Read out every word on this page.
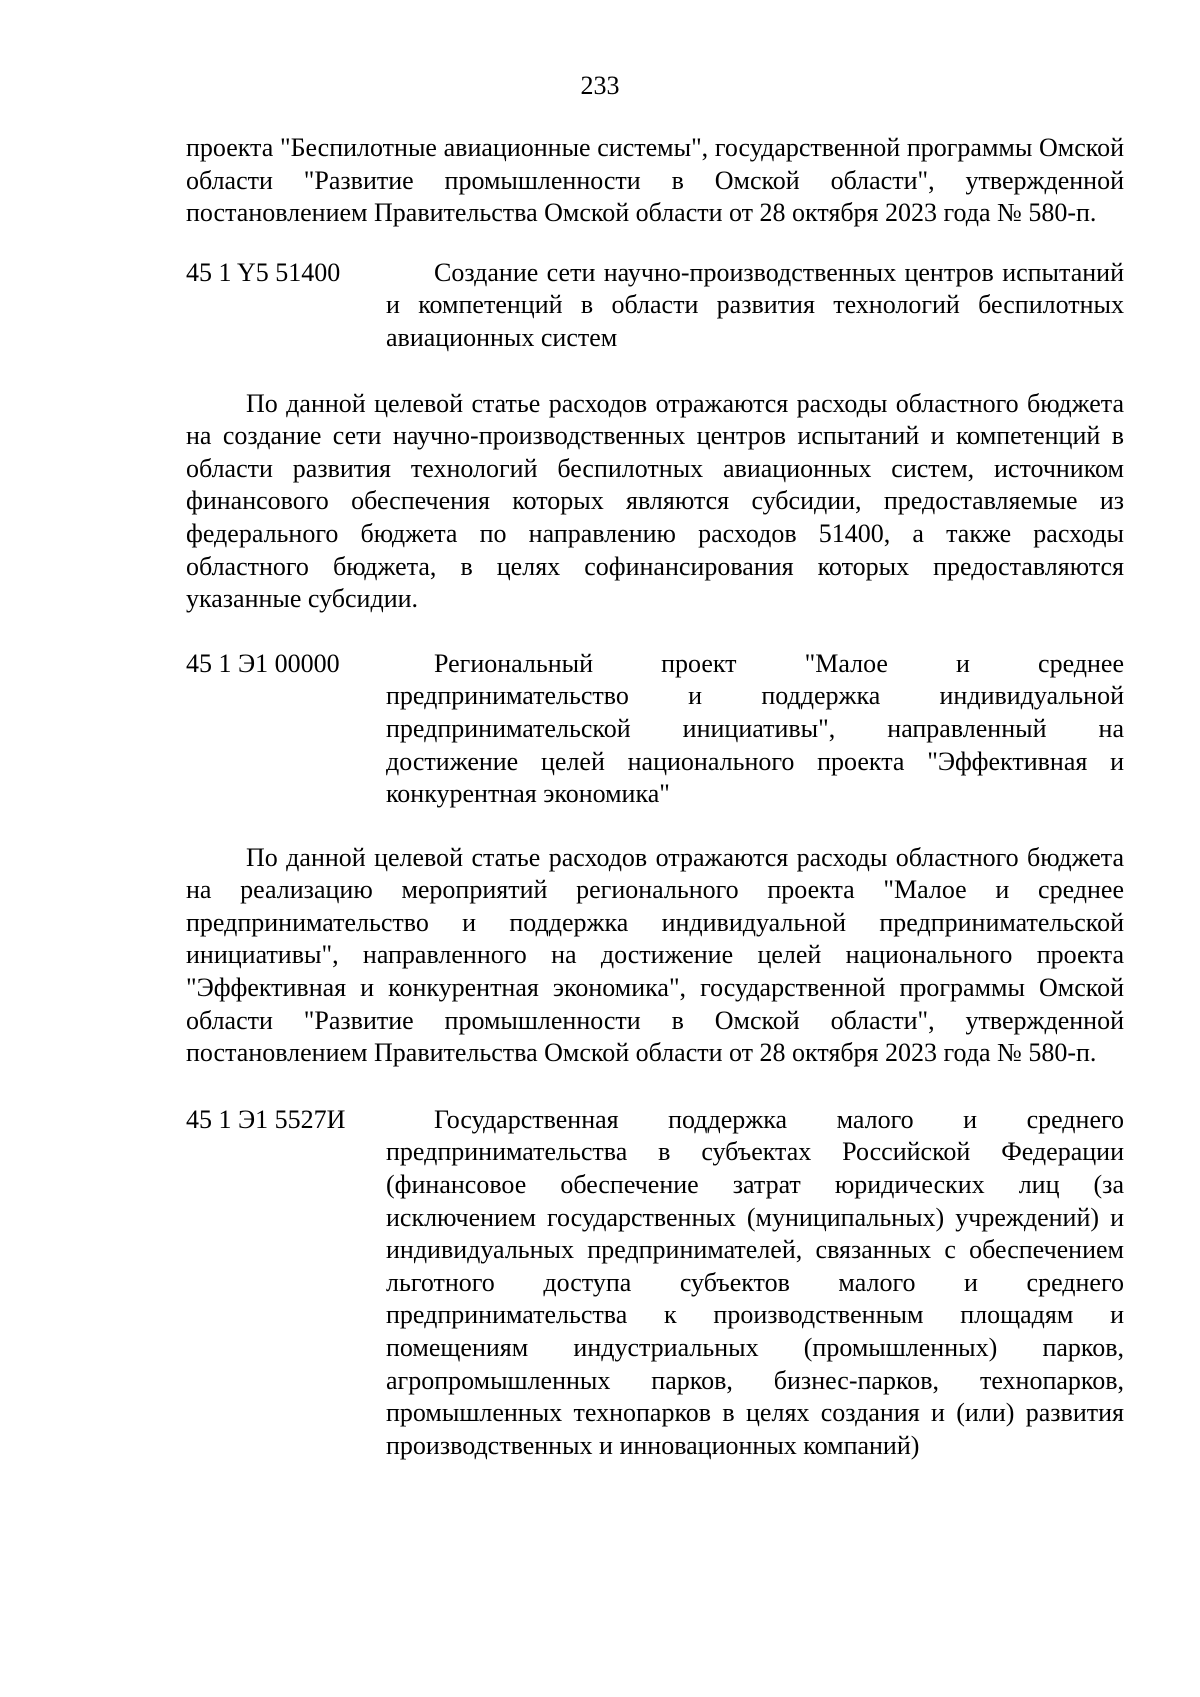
233

проекта "Беспилотные авиационные системы", государственной программы Омской области "Развитие промышленности в Омской области", утвержденной постановлением Правительства Омской области от 28 октября 2023 года № 580-п.

45 1 Y5 51400	Создание сети научно-производственных центров испытаний и компетенций в области развития технологий беспилотных авиационных систем

По данной целевой статье расходов отражаются расходы областного бюджета на создание сети научно-производственных центров испытаний и компетенций в области развития технологий беспилотных авиационных систем, источником финансового обеспечения которых являются субсидии, предоставляемые из федерального бюджета по направлению расходов 51400, а также расходы областного бюджета, в целях софинансирования которых предоставляются указанные субсидии.

45 1 Э1 00000	Региональный проект "Малое и среднее предпринимательство и поддержка индивидуальной предпринимательской инициативы", направленный на достижение целей национального проекта "Эффективная и конкурентная экономика"

По данной целевой статье расходов отражаются расходы областного бюджета на реализацию мероприятий регионального проекта "Малое и среднее предпринимательство и поддержка индивидуальной предпринимательской инициативы", направленного на достижение целей национального проекта "Эффективная и конкурентная экономика", государственной программы Омской области "Развитие промышленности в Омской области", утвержденной постановлением Правительства Омской области от 28 октября 2023 года № 580-п.

45 1 Э1 5527И	Государственная поддержка малого и среднего предпринимательства в субъектах Российской Федерации (финансовое обеспечение затрат юридических лиц (за исключением государственных (муниципальных) учреждений) и индивидуальных предпринимателей, связанных с обеспечением льготного доступа субъектов малого и среднего предпринимательства к производственным площадям и помещениям индустриальных (промышленных) парков, агропромышленных парков, бизнес-парков, технопарков, промышленных технопарков в целях создания и (или) развития производственных и инновационных компаний)
